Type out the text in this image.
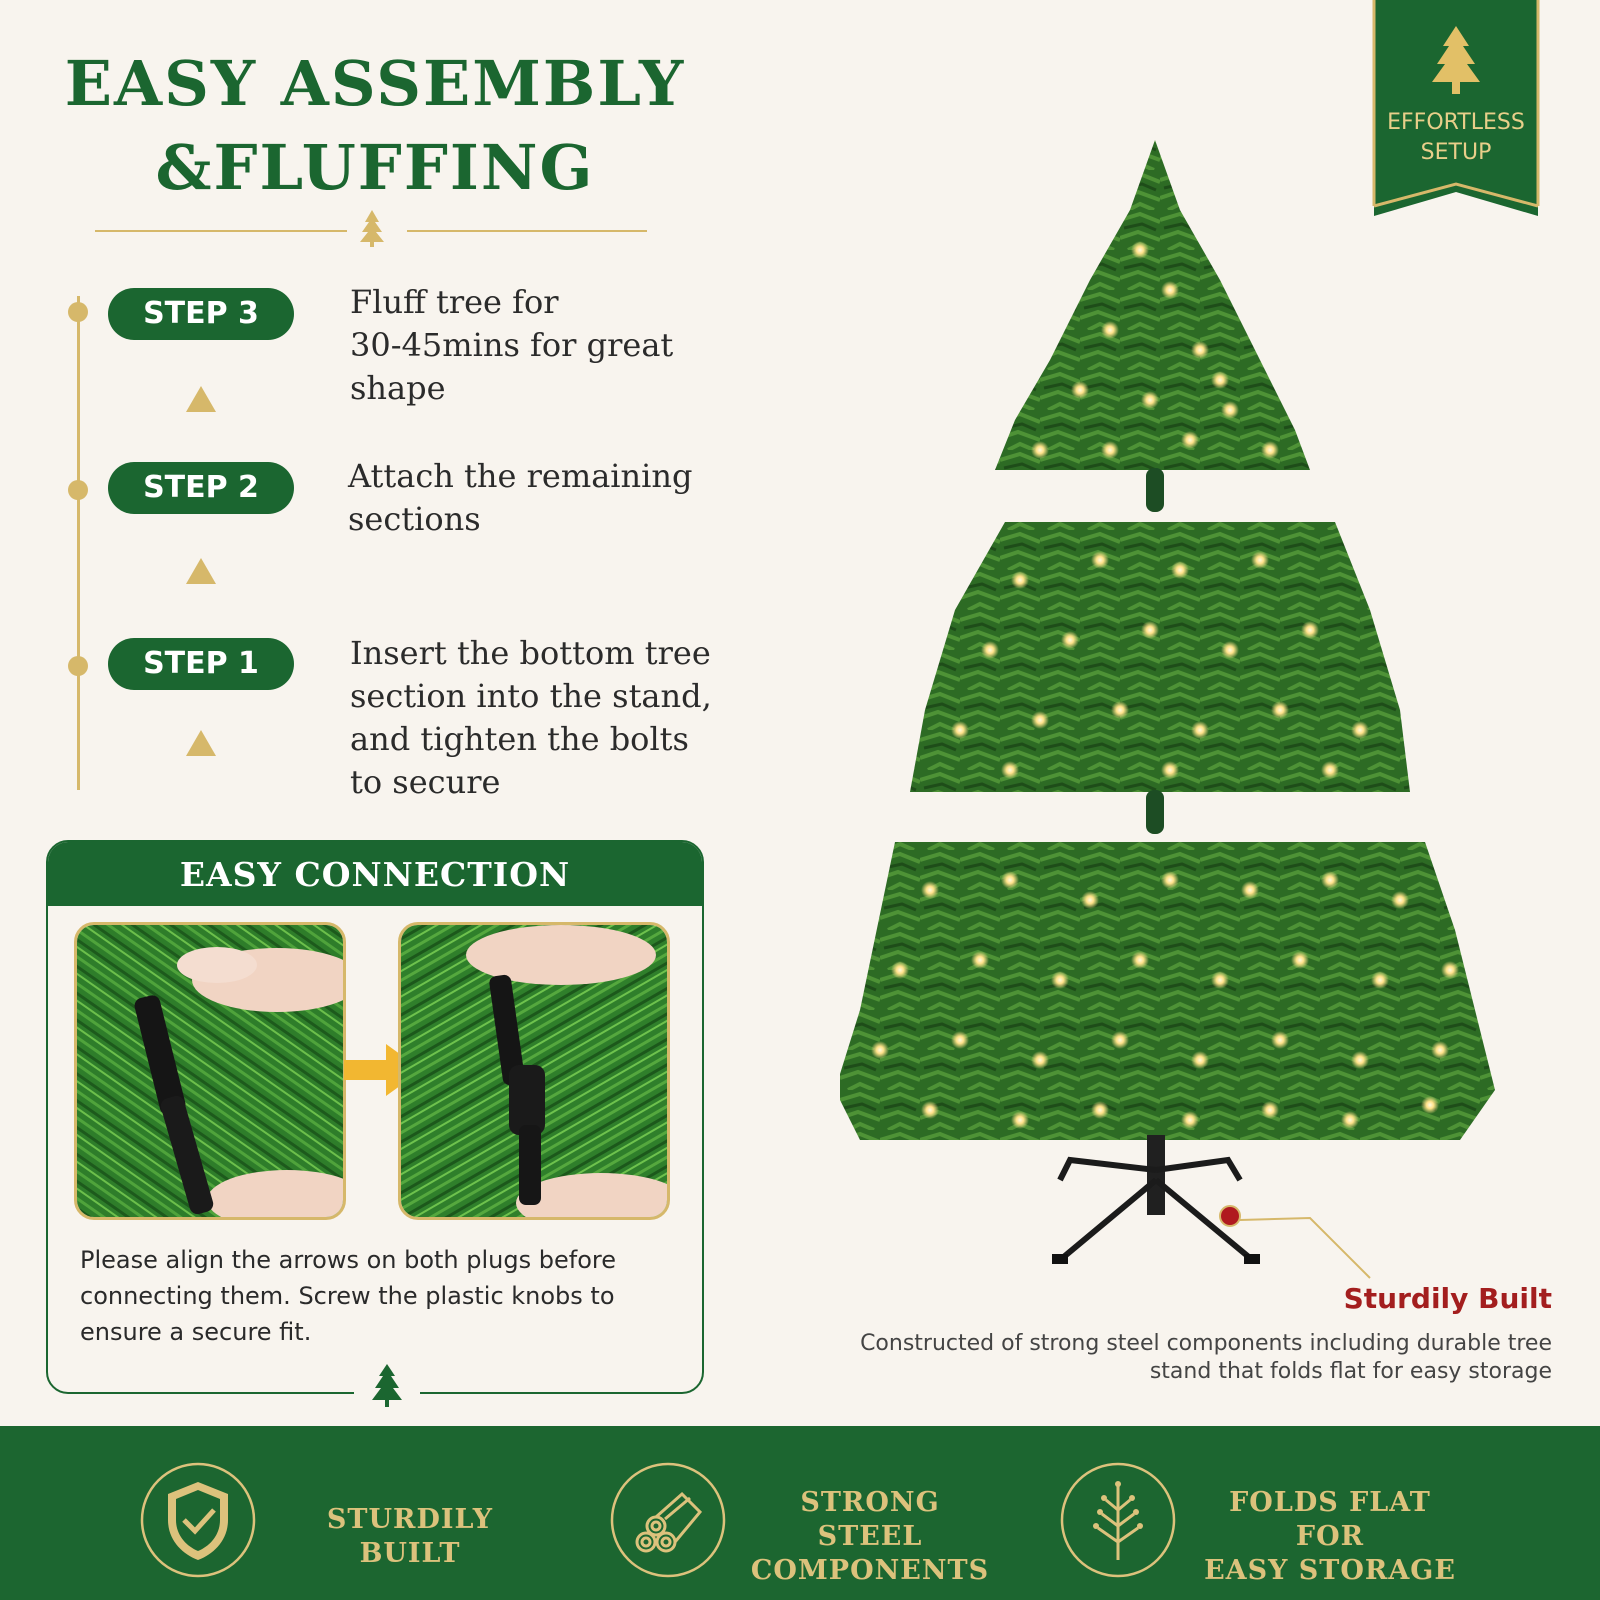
EASY ASSEMBLY
&FLUFFING
STEP 3	Fluff tree for
30-45mins for great
shape
STEP 2	Attach the remaining
sections
STEP 1	Insert the bottom tree
section into the stand,
and tighten the bolts
to secure
EASY CONNECTION
Please align the arrows on both plugs before connecting them. Screw the plastic knobs to ensure a secure fit.
EFFORTLESS
SETUP
Sturdily Built
Constructed of strong steel components including durable tree stand that folds flat for easy storage
STURDILY BUILT
STRONG STEEL
COMPONENTS
FOLDS FLAT FOR
EASY STORAGE
